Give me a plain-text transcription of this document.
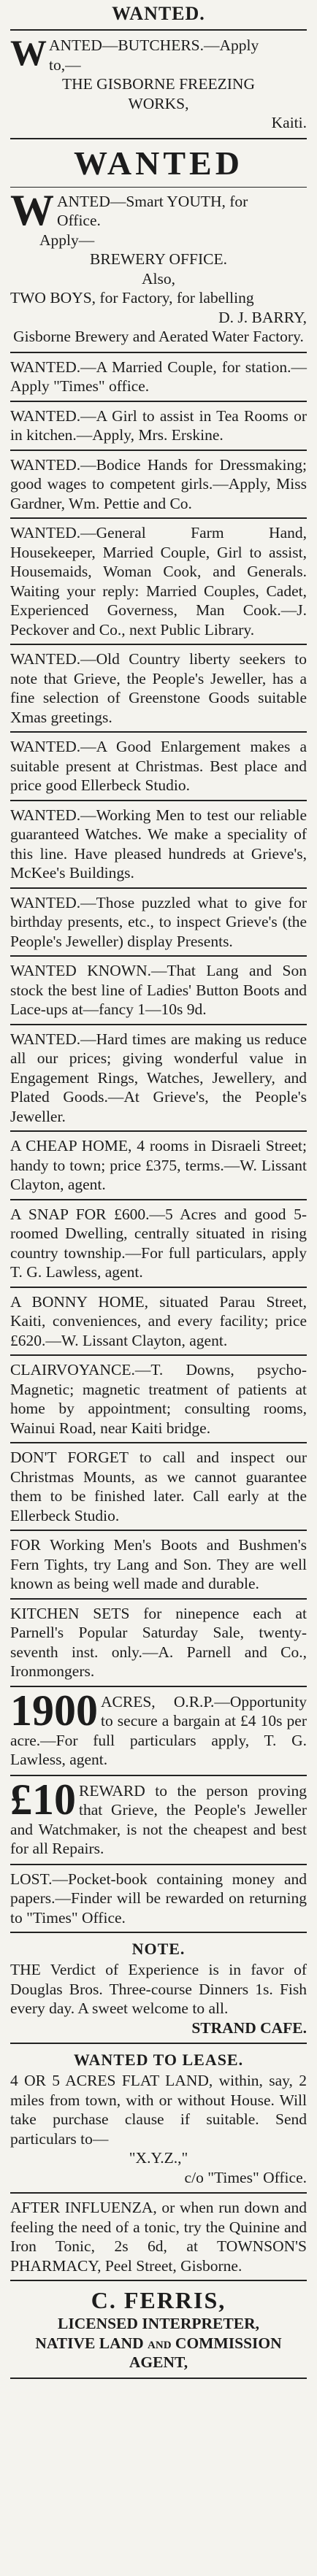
WANTED.

W ANTED—BUTCHERS.—Apply

to,—

THE GISBORNE FREEZING

WORKS,

Kaiti.

WANTED

W ANTED—Smart YOUTH, for

Office.

Apply—

BREWERY OFFICE.

Also,

TWO BOYS, for Factory, for labelling

D. J. BARRY,

Gisborne Brewery and Aerated Water Factory.

WANTED.—A Married Couple, for station.—Apply "Times" office.

WANTED.—A Girl to assist in Tea Rooms or in kitchen.—Apply, Mrs. Erskine.

WANTED.—Bodice Hands for Dressmaking; good wages to competent girls.—Apply, Miss Gardner, Wm. Pettie and Co.

WANTED.—General Farm Hand, Housekeeper, Married Couple, Girl to assist, Housemaids, Woman Cook, and Generals. Waiting your reply: Married Couples, Cadet, Experienced Governess, Man Cook.—J. Peckover and Co., next Public Library.

WANTED.—Old Country liberty seekers to note that Grieve, the People's Jeweller, has a fine selection of Greenstone Goods suitable Xmas greetings.

WANTED.—A Good Enlargement makes a suitable present at Christmas. Best place and price good Ellerbeck Studio.

WANTED.—Working Men to test our reliable guaranteed Watches. We make a speciality of this line. Have pleased hundreds at Grieve's, McKee's Buildings.

WANTED.—Those puzzled what to give for birthday presents, etc., to inspect Grieve's (the People's Jeweller) display Presents.

WANTED KNOWN.—That Lang and Son stock the best line of Ladies' Button Boots and Lace-ups at—fancy 1—10s 9d.

WANTED.—Hard times are making us reduce all our prices; giving wonderful value in Engagement Rings, Watches, Jewellery, and Plated Goods.—At Grieve's, the People's Jeweller.

A CHEAP HOME, 4 rooms in Disraeli Street; handy to town; price £375, terms.—W. Lissant Clayton, agent.

A SNAP FOR £600.—5 Acres and good 5-roomed Dwelling, centrally situated in rising country township.—For full particulars, apply T. G. Lawless, agent.

A BONNY HOME, situated Parau Street, Kaiti, conveniences, and every facility; price £620.—W. Lissant Clayton, agent.

CLAIRVOYANCE.—T. Downs, psycho-Magnetic; magnetic treatment of patients at home by appointment; consulting rooms, Wainui Road, near Kaiti bridge.

DON'T FORGET to call and inspect our Christmas Mounts, as we cannot guarantee them to be finished later. Call early at the Ellerbeck Studio.

FOR Working Men's Boots and Bushmen's Fern Tights, try Lang and Son. They are well known as being well made and durable.

KITCHEN SETS for ninepence each at Parnell's Popular Saturday Sale, twenty-seventh inst. only.—A. Parnell and Co., Ironmongers.

1900 ACRES, O.R.P.—Opportunity to secure a bargain at £4 10s per acre.—For full particulars apply, T. G. Lawless, agent.

£10 REWARD to the person proving that Grieve, the People's Jeweller and Watchmaker, is not the cheapest and best for all Repairs.

LOST.—Pocket-book containing money and papers.—Finder will be rewarded on returning to "Times" Office.

NOTE.

THE Verdict of Experience is in favor of Douglas Bros. Three-course Dinners 1s. Fish every day. A sweet welcome to all.

STRAND CAFE.

WANTED TO LEASE.

4 OR 5 ACRES FLAT LAND, within, say, 2 miles from town, with or without House. Will take purchase clause if suitable. Send particulars to—

"X.Y.Z.,"

c/o "Times" Office.

AFTER INFLUENZA, or when run down and feeling the need of a tonic, try the Quinine and Iron Tonic, 2s 6d, at TOWNSON'S PHARMACY, Peel Street, Gisborne.

C. FERRIS,

LICENSED INTERPRETER,

NATIVE LAND and COMMISSION

AGENT,
